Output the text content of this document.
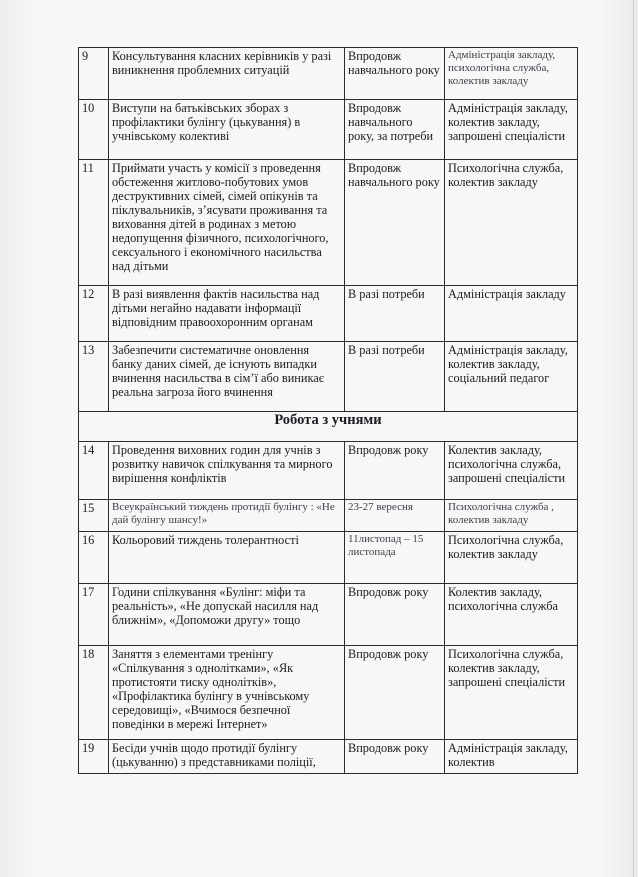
9	Консультування класних керівників у разі виникнення проблемних ситуацій	Впродовж навчального року	Адміністрація закладу, психологічна служба, колектив закладу
10	Виступи на батьківських зборах з профілактики булінгу (цькування) в учнівському колективі	Впродовж навчального року, за потреби	Адміністрація закладу, колектив закладу, запрошені спеціалісти
11	Приймати участь у комісії з проведення обстеження житлово-побутових умов деструктивних сімей, сімей опікунів та піклувальників, з’ясувати проживання та виховання дітей в родинах з метою недопущення фізичного, психологічного, сексуального і економічного насильства над дітьми	Впродовж навчального року	Психологічна служба, колектив закладу
12	В разі виявлення фактів насильства над дітьми негайно надавати інформації відповідним правоохоронним органам	В разі потреби	Адміністрація закладу
13	Забезпечити систематичне оновлення банку даних сімей, де існують випадки вчинення насильства в сім’ї або виникає реальна загроза його вчинення	В разі потреби	Адміністрація закладу, колектив закладу, соціальний педагог
Робота з учнями			
14	Проведення виховних годин для учнів з розвитку навичок спілкування та мирного вирішення конфліктів	Впродовж року	Колектив закладу, психологічна служба, запрошені спеціалісти
15	Всеукраїнський тиждень протидії булінгу : «Не дай булінгу шансу!»	23-27 вересня	Психологічна служба , колектив закладу
16	Кольоровий тиждень толерантності	11листопад – 15 листопада	Психологічна служба, колектив закладу
17	Години спілкування «Булінг: міфи та реальність», «Не допускай насилля над ближнім», «Допоможи другу» тощо	Впродовж року	Колектив закладу, психологічна служба
18	Заняття з елементами тренінгу «Спілкування з однолітками», «Як протистояти тиску однолітків», «Профілактика булінгу в учнівському середовищі», «Вчимося безпечної поведінки в мережі Інтернет»	Впродовж року	Психологічна служба, колектив закладу, запрошені спеціалісти
19	Бесіди учнів щодо протидії булінгу (цькуванню) з представниками поліції,	Впродовж року	Адміністрація закладу, колектив
